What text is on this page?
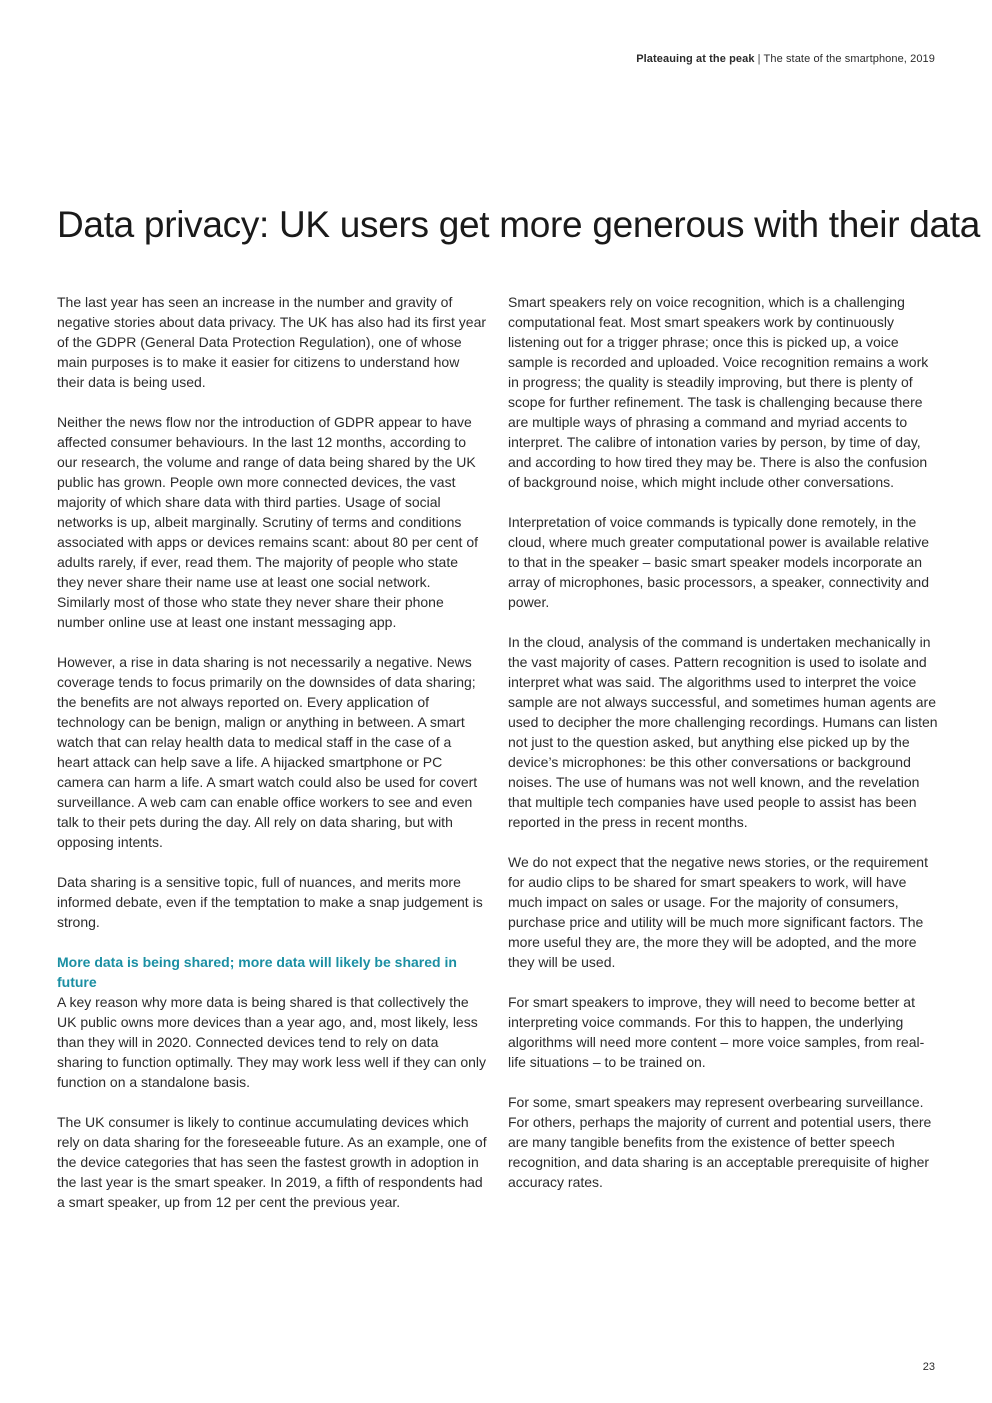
Plateauing at the peak | The state of the smartphone, 2019
Data privacy: UK users get more generous with their data

The last year has seen an increase in the number and gravity of negative stories about data privacy. The UK has also had its first year of the GDPR (General Data Protection Regulation), one of whose main purposes is to make it easier for citizens to understand how their data is being used.

Neither the news flow nor the introduction of GDPR appear to have affected consumer behaviours. In the last 12 months, according to our research, the volume and range of data being shared by the UK public has grown. People own more connected devices, the vast majority of which share data with third parties. Usage of social networks is up, albeit marginally. Scrutiny of terms and conditions associated with apps or devices remains scant: about 80 per cent of adults rarely, if ever, read them. The majority of people who state they never share their name use at least one social network. Similarly most of those who state they never share their phone number online use at least one instant messaging app.

However, a rise in data sharing is not necessarily a negative. News coverage tends to focus primarily on the downsides of data sharing; the benefits are not always reported on. Every application of technology can be benign, malign or anything in between. A smart watch that can relay health data to medical staff in the case of a heart attack can help save a life. A hijacked smartphone or PC camera can harm a life. A smart watch could also be used for covert surveillance. A web cam can enable office workers to see and even talk to their pets during the day. All rely on data sharing, but with opposing intents.

Data sharing is a sensitive topic, full of nuances, and merits more informed debate, even if the temptation to make a snap judgement is strong.

More data is being shared; more data will likely be shared in future

A key reason why more data is being shared is that collectively the UK public owns more devices than a year ago, and, most likely, less than they will in 2020. Connected devices tend to rely on data sharing to function optimally. They may work less well if they can only function on a standalone basis.

The UK consumer is likely to continue accumulating devices which rely on data sharing for the foreseeable future. As an example, one of the device categories that has seen the fastest growth in adoption in the last year is the smart speaker. In 2019, a fifth of respondents had a smart speaker, up from 12 per cent the previous year.

Smart speakers rely on voice recognition, which is a challenging computational feat. Most smart speakers work by continuously listening out for a trigger phrase; once this is picked up, a voice sample is recorded and uploaded. Voice recognition remains a work in progress; the quality is steadily improving, but there is plenty of scope for further refinement. The task is challenging because there are multiple ways of phrasing a command and myriad accents to interpret. The calibre of intonation varies by person, by time of day, and according to how tired they may be. There is also the confusion of background noise, which might include other conversations.

Interpretation of voice commands is typically done remotely, in the cloud, where much greater computational power is available relative to that in the speaker – basic smart speaker models incorporate an array of microphones, basic processors, a speaker, connectivity and power.

In the cloud, analysis of the command is undertaken mechanically in the vast majority of cases. Pattern recognition is used to isolate and interpret what was said. The algorithms used to interpret the voice sample are not always successful, and sometimes human agents are used to decipher the more challenging recordings. Humans can listen not just to the question asked, but anything else picked up by the device’s microphones: be this other conversations or background noises. The use of humans was not well known, and the revelation that multiple tech companies have used people to assist has been reported in the press in recent months.

We do not expect that the negative news stories, or the requirement for audio clips to be shared for smart speakers to work, will have much impact on sales or usage. For the majority of consumers, purchase price and utility will be much more significant factors. The more useful they are, the more they will be adopted, and the more they will be used.

For smart speakers to improve, they will need to become better at interpreting voice commands. For this to happen, the underlying algorithms will need more content – more voice samples, from real-life situations – to be trained on.

For some, smart speakers may represent overbearing surveillance. For others, perhaps the majority of current and potential users, there are many tangible benefits from the existence of better speech recognition, and data sharing is an acceptable prerequisite of higher accuracy rates.

23
